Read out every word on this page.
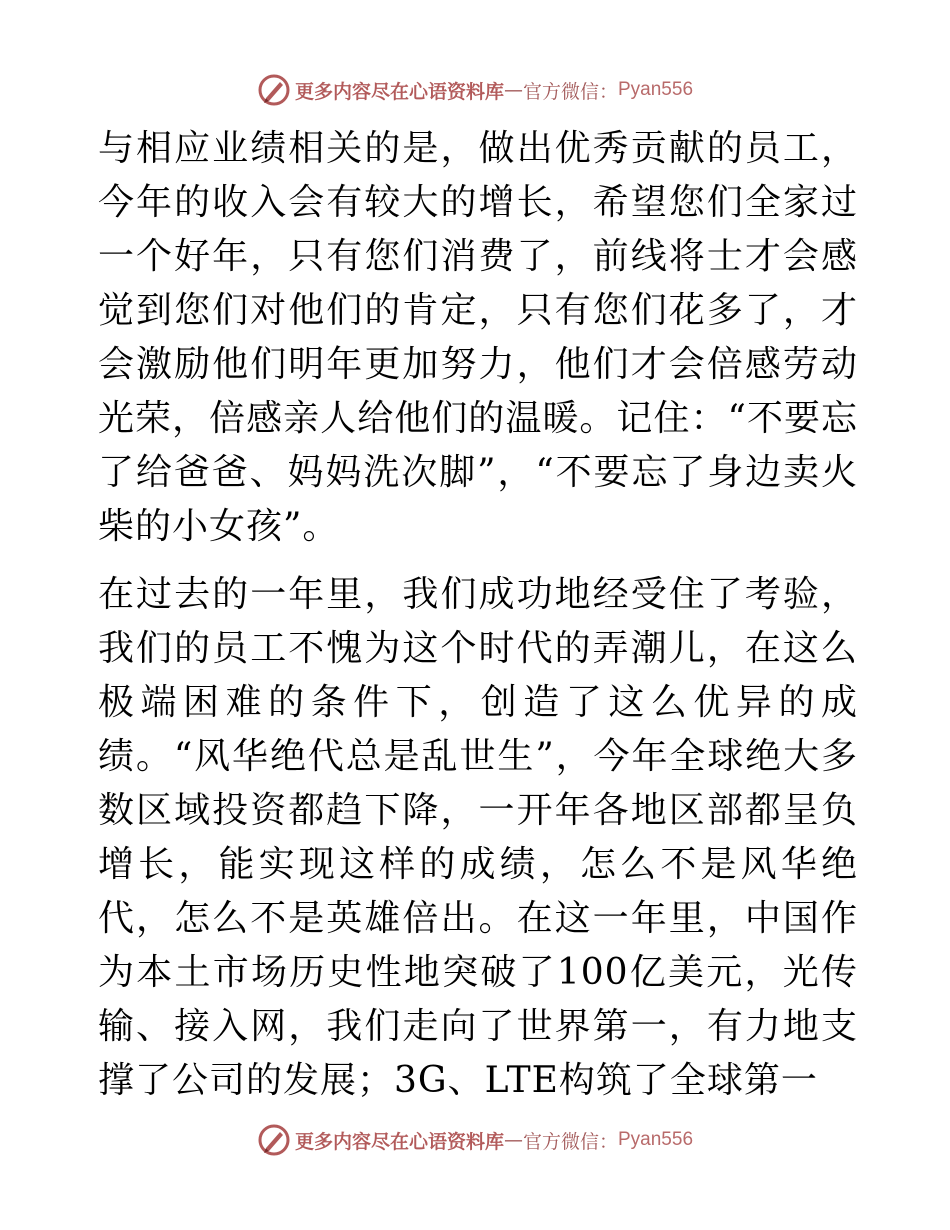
更多内容尽在心语资料库 — 官方微信： Pyan556

与相应业绩相关的是，做出优秀贡献的员工，今年的收入会有较大的增长，希望您们全家过一个好年，只有您们消费了，前线将士才会感觉到您们对他们的肯定，只有您们花多了，才会激励他们明年更加努力，他们才会倍感劳动光荣，倍感亲人给他们的温暖。记住：“不要忘了给爸爸、妈妈洗次脚”，“不要忘了身边卖火柴的小女孩”。

在过去的一年里，我们成功地经受住了考验，我们的员工不愧为这个时代的弄潮儿，在这么极端困难的条件下，创造了这么优异的成绩。“风华绝代总是乱世生”，今年全球绝大多数区域投资都趋下降，一开年各地区部都呈负增长，能实现这样的成绩，怎么不是风华绝代，怎么不是英雄倍出。在这一年里，中国作为本土市场历史性地突破了100亿美元，光传输、接入网，我们走向了世界第一，有力地支撑了公司的发展；3G、LTE构筑了全球第一

更多内容尽在心语资料库 — 官方微信： Pyan556
